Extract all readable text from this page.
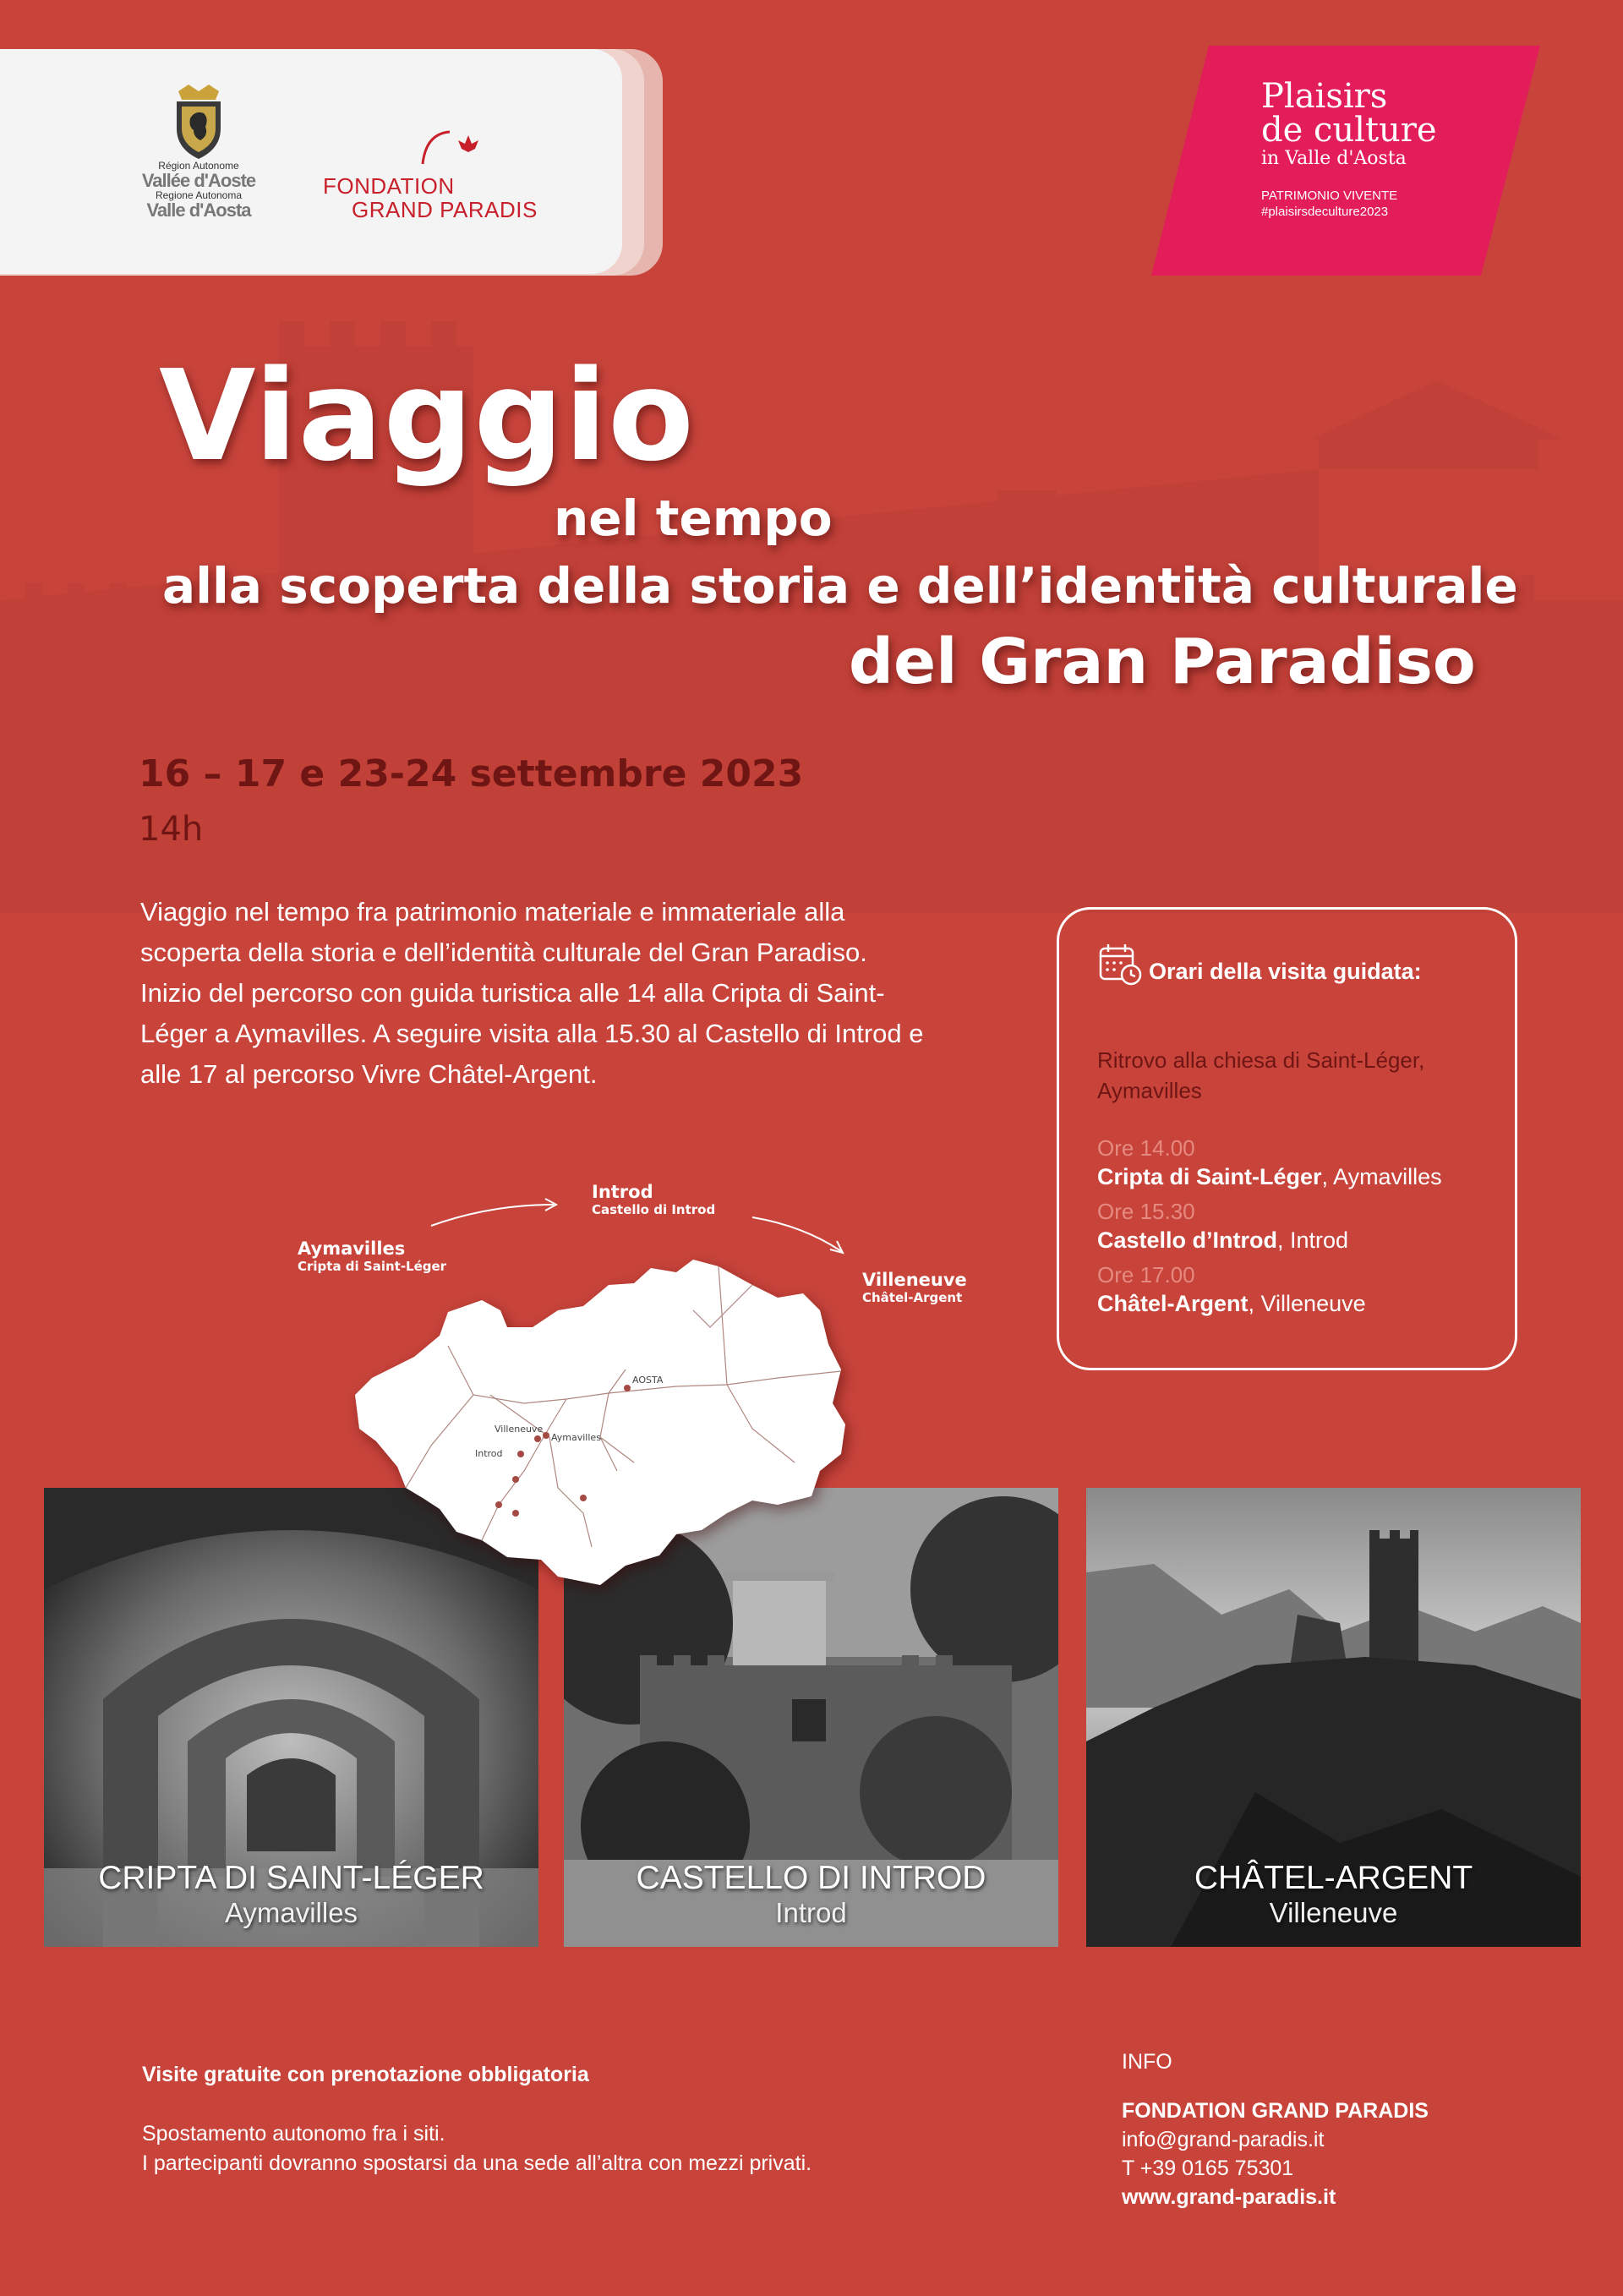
Région Autonome
Vallée d'Aoste
Regione Autonoma
Valle d'Aosta
FONDATION
GRAND PARADIS
Plaisirs
de culture
in Valle d'Aosta
PATRIMONIO VIVENTE
#plaisirsdeculture2023
Viaggio
nel tempo
alla scoperta della storia e dell’identità culturale
del Gran Paradiso
16 – 17 e 23-24 settembre 2023
14h
Viaggio nel tempo fra patrimonio materiale e immateriale alla scoperta della storia e dell’identità culturale del Gran Paradiso. Inizio del percorso con guida turistica alle 14 alla Cripta di Saint-Léger a Aymavilles. A seguire visita alla 15.30 al Castello di Introd e alle 17 al percorso Vivre Châtel-Argent.
Orari della visita guidata:
Ritrovo alla chiesa di Saint-Léger, Aymavilles
Ore 14.00
Cripta di Saint-Léger, Aymavilles
Ore 15.30
Castello d’Introd, Introd
Ore 17.00
Châtel-Argent, Villeneuve
CRIPTA DI SAINT-LÉGER
Aymavilles
CASTELLO DI INTROD
Introd
CHÂTEL-ARGENT
Villeneuve
Aymavilles
Cripta di Saint-Léger
Introd
Castello di Introd
Villeneuve
Châtel-Argent
AOSTA
Villeneuve
Aymavilles
Introd
Visite gratuite con prenotazione obbligatoria
Spostamento autonomo fra i siti.
I partecipanti dovranno spostarsi da una sede all’altra con mezzi privati.
INFO
FONDATION GRAND PARADIS
info@grand-paradis.it
T +39 0165 75301
www.grand-paradis.it
